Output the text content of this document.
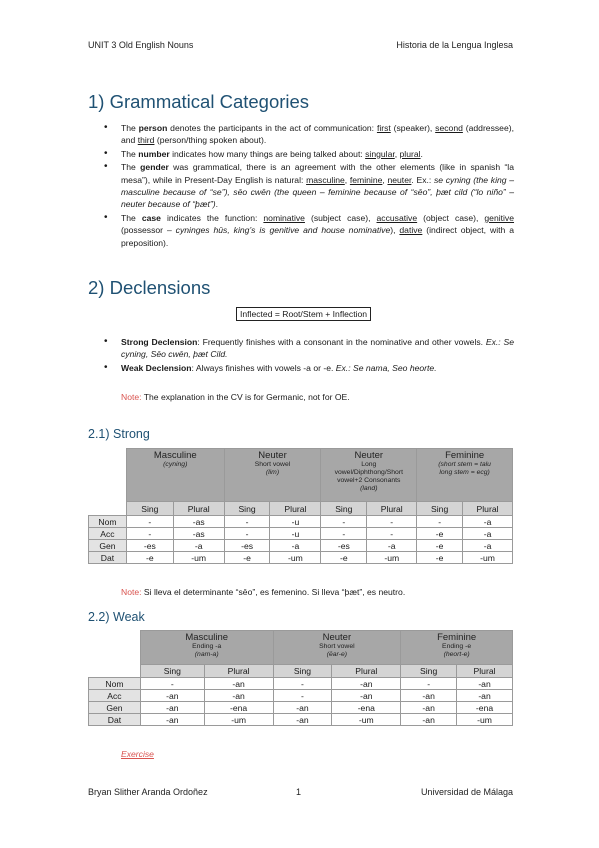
UNIT 3 Old English Nouns	Historia de la Lengua Inglesa
1) Grammatical Categories
• The person denotes the participants in the act of communication: first (speaker), second (addressee), and third (person/thing spoken about).
• The number indicates how many things are being talked about: singular, plural.
• The gender was grammatical, there is an agreement with the other elements (like in spanish “la mesa”), while in Present-Day English is natural: masculine, feminine, neuter. Ex.: se cyning (the king – masculine because of “se”), sēo cwēn (the queen – feminine because of “sēo”, þæt cild (“lo niño” – neuter because of “þæt”).
• The case indicates the function: nominative (subject case), accusative (object case), genitive (possessor – cyninges hūs, king’s is genitive and house nominative), dative (indirect object, with a preposition).
2) Declensions
Inflected = Root/Stem + Inflection
• Strong Declension: Frequently finishes with a consonant in the nominative and other vowels. Ex.: Se cyning, Sēo cwēn, þæt Cild.
• Weak Declension: Always finishes with vowels -a or -e. Ex.: Se nama, Seo heorte.
Note: The explanation in the CV is for Germanic, not for OE.
2.1) Strong

	Masculine
(cyning)		Neuter
Short vowel
(lim)		Neuter
Long
vowel/Diphthong/Short
vowel+2 Consonants
(land)		Feminine
(short stem = talu
long stem = ecg)	

	Sing	Plural	Sing	Plural	Sing	Plural	Sing	Plural
Nom	-	-as	-	-u	-	-	-	-a
Acc	-	-as	-	-u	-	-	-e	-a
Gen	-es	-a	-es	-a	-es	-a	-e	-a
Dat	-e	-um	-e	-um	-e	-um	-e	-um
Note: Si lleva el determinante “sēo”, es femenino. Si lleva “þæt”, es neutro.
2.2) Weak

	Masculine
Ending -a
(nam-a)		Neuter
Short vowel
(ēar-e)		Feminine
Ending -e
(heort-e)	

	Sing	Plural	Sing	Plural	Sing	Plural
Nom	-	-an	-	-an	-	-an
Acc	-an	-an	-	-an	-an	-an
Gen	-an	-ena	-an	-ena	-an	-ena
Dat	-an	-um	-an	-um	-an	-um
Exercise
Bryan Slither Aranda Ordoñez	1	Universidad de Málaga
